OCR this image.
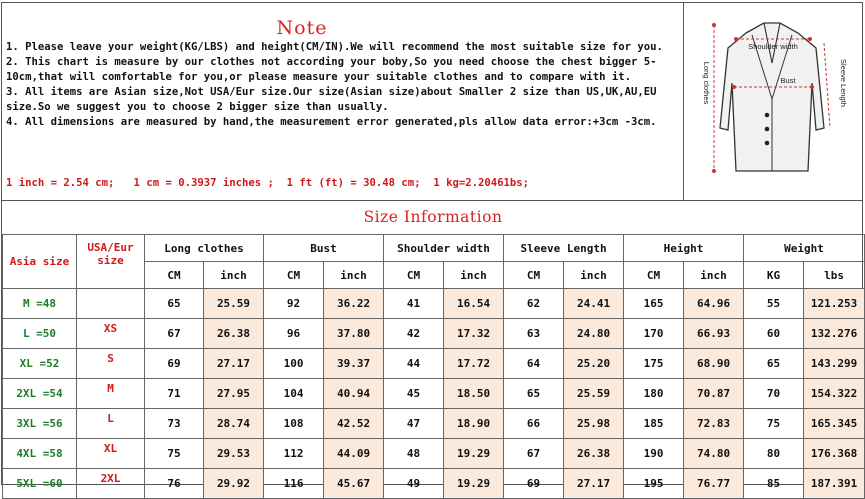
Note
1. Please leave your weight(KG/LBS) and height(CM/IN).We will recommend the most suitable size for you.
2. This chart is measure by our clothes not according your boby,So you need choose the chest bigger 5-10cm,that will comfortable for you,or please measure your suitable clothes and to compare with it.
3. All items are Asian size,Not USA/Eur size.Our size(Asian size)about Smaller 2 size than US,UK,AU,EU size.So we suggest you to choose 2 bigger size than usually.
4. All dimensions are measured by hand,the measurement error generated,pls allow data error:+3cm -3cm.
1 inch = 2.54 cm;   1 cm = 0.3937 inches ;  1 ft (ft) = 30.48 cm;  1 kg=2.20461bs;
Shoulder width
Bust
Long clothes	Sleeve Length
Size Information
Asia size	USA/Eur size	Long clothes		Bust		Shoulder width		Sleeve Length		Height		Weight	
		CM	inch	CM	inch	CM	inch	CM	inch	CM	inch	KG	lbs
M =48		65	25.59	92	36.22	41	16.54	62	24.41	165	64.96	55	121.253
L =50	XS	67	26.38	96	37.80	42	17.32	63	24.80	170	66.93	60	132.276
XL =52	S	69	27.17	100	39.37	44	17.72	64	25.20	175	68.90	65	143.299
2XL =54	M	71	27.95	104	40.94	45	18.50	65	25.59	180	70.87	70	154.322
3XL =56	L	73	28.74	108	42.52	47	18.90	66	25.98	185	72.83	75	165.345
4XL =58	XL	75	29.53	112	44.09	48	19.29	67	26.38	190	74.80	80	176.368
5XL =60	2XL	76	29.92	116	45.67	49	19.29	69	27.17	195	76.77	85	187.391
